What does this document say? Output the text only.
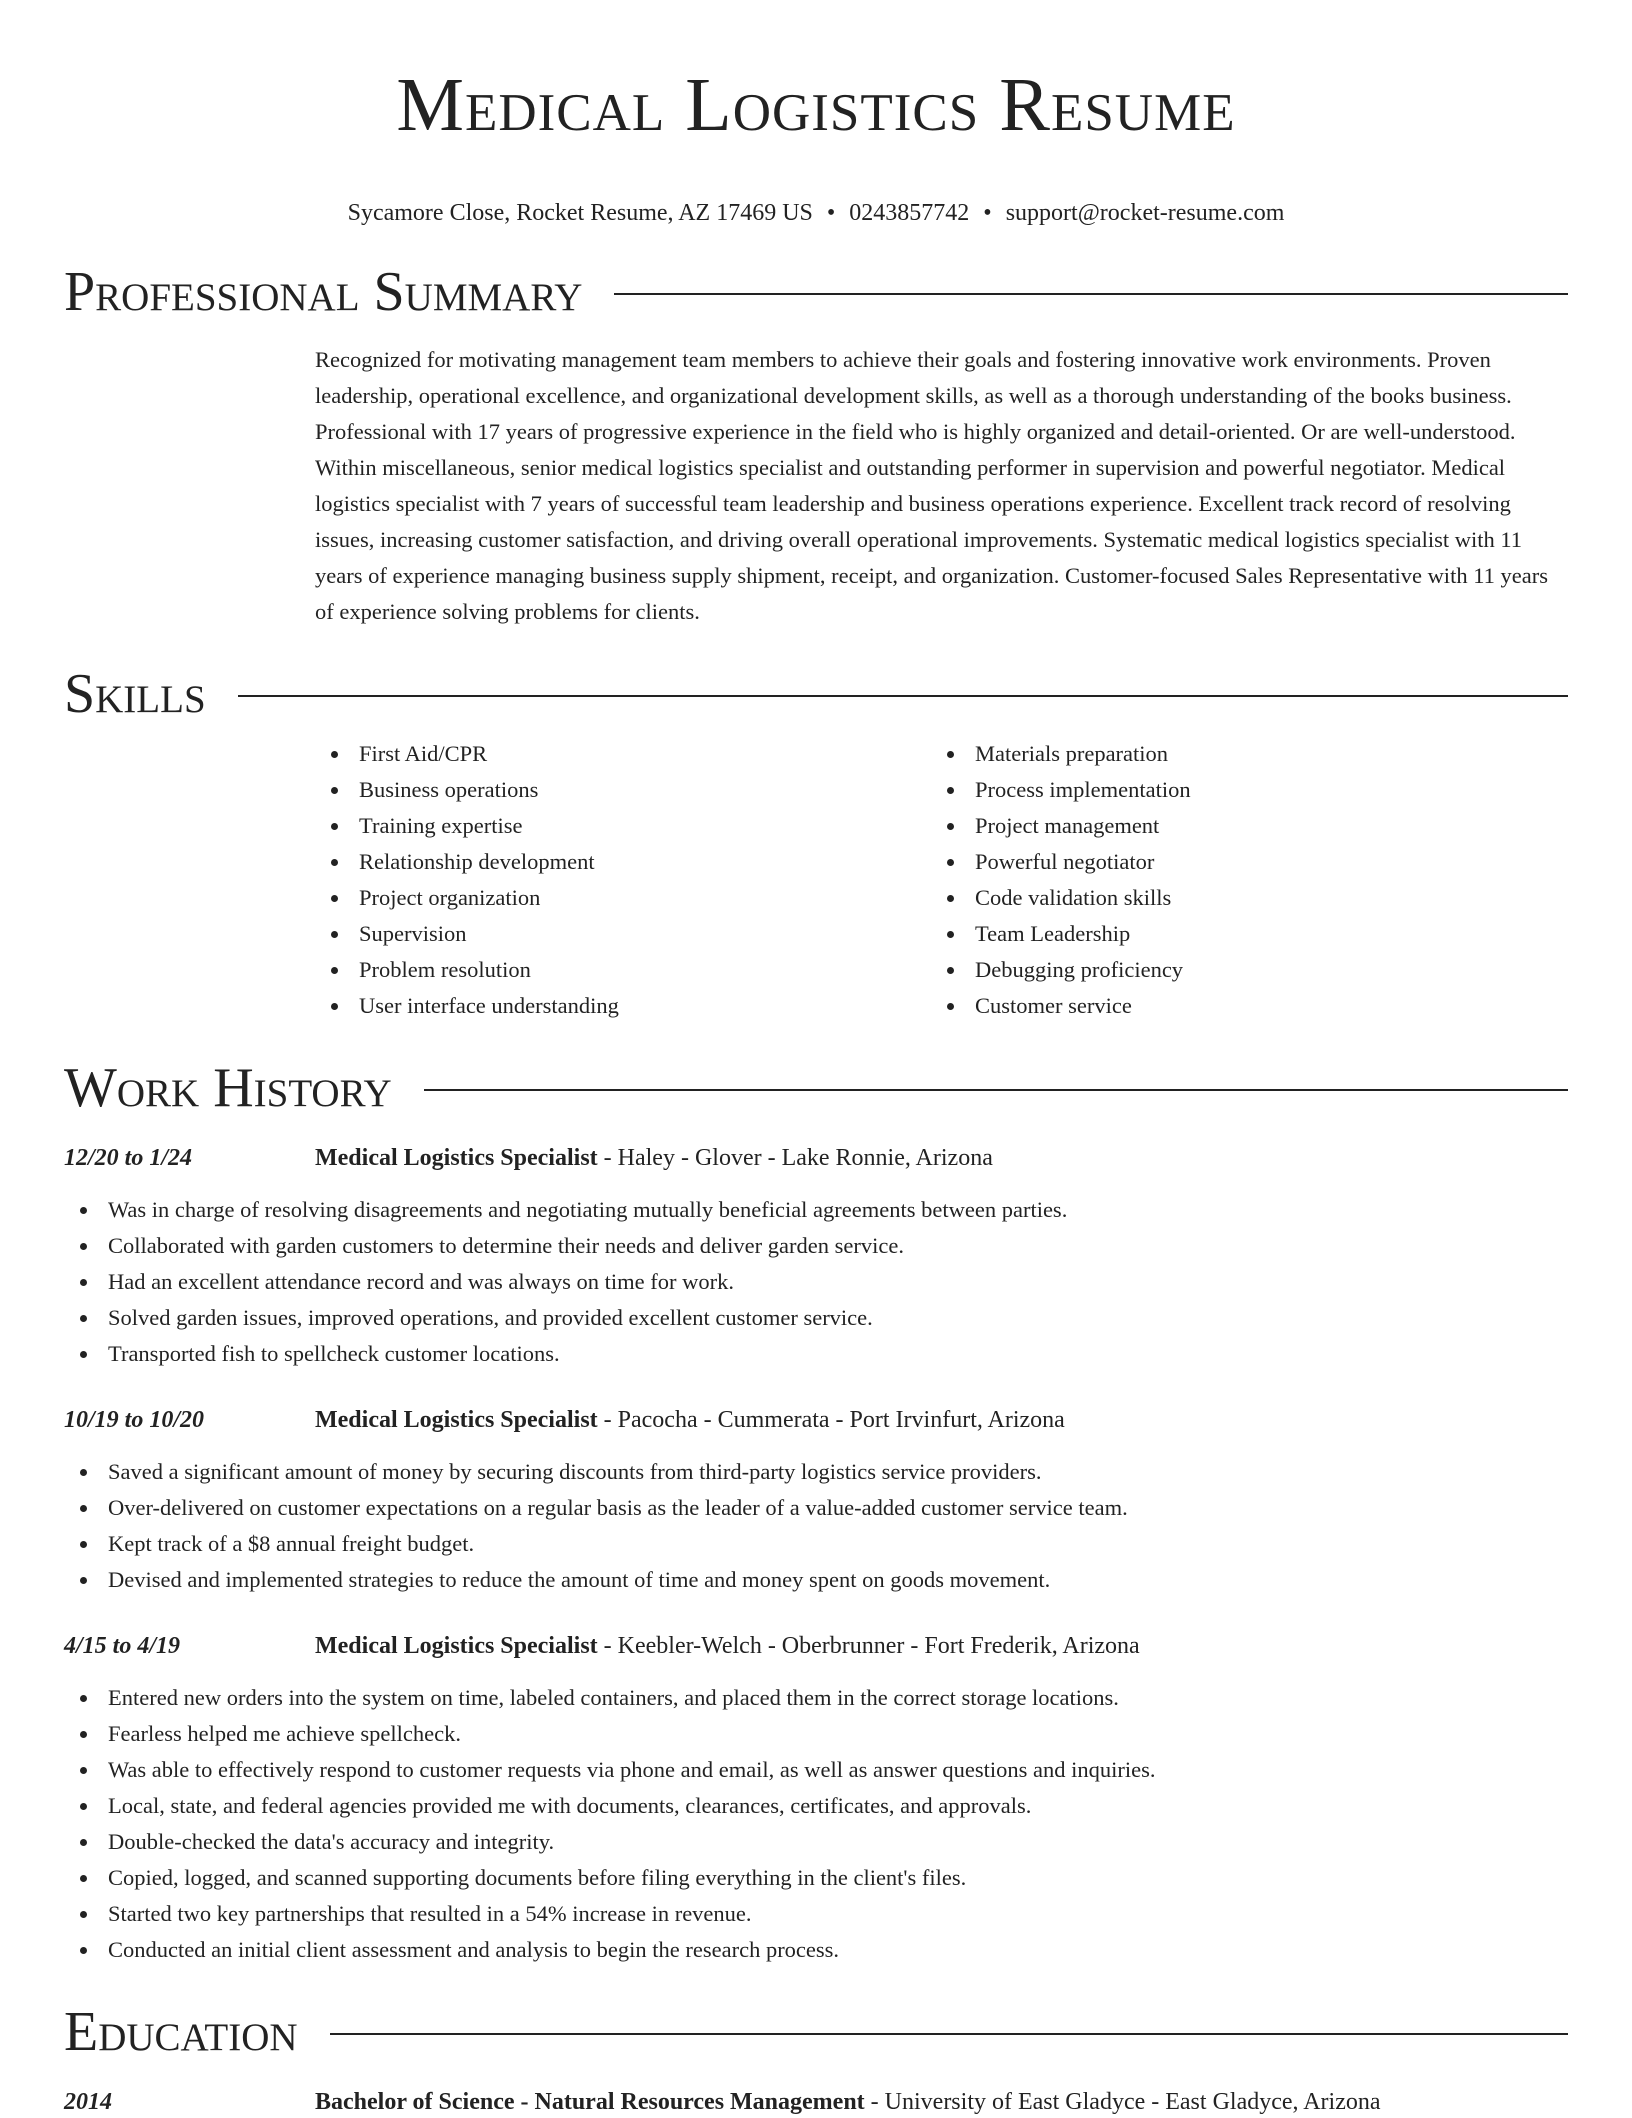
Medical Logistics Resume
Sycamore Close, Rocket Resume, AZ 17469 US • 0243857742 • support@rocket-resume.com
Professional Summary
Recognized for motivating management team members to achieve their goals and fostering innovative work environments. Proven leadership, operational excellence, and organizational development skills, as well as a thorough understanding of the books business. Professional with 17 years of progressive experience in the field who is highly organized and detail-oriented. Or are well-understood. Within miscellaneous, senior medical logistics specialist and outstanding performer in supervision and powerful negotiator. Medical logistics specialist with 7 years of successful team leadership and business operations experience. Excellent track record of resolving issues, increasing customer satisfaction, and driving overall operational improvements. Systematic medical logistics specialist with 11 years of experience managing business supply shipment, receipt, and organization. Customer-focused Sales Representative with 11 years of experience solving problems for clients.
Skills
First Aid/CPR
Business operations
Training expertise
Relationship development
Project organization
Supervision
Problem resolution
User interface understanding
Materials preparation
Process implementation
Project management
Powerful negotiator
Code validation skills
Team Leadership
Debugging proficiency
Customer service
Work History
12/20 to 1/24	Medical Logistics Specialist - Haley - Glover - Lake Ronnie, Arizona
Was in charge of resolving disagreements and negotiating mutually beneficial agreements between parties.
Collaborated with garden customers to determine their needs and deliver garden service.
Had an excellent attendance record and was always on time for work.
Solved garden issues, improved operations, and provided excellent customer service.
Transported fish to spellcheck customer locations.
10/19 to 10/20	Medical Logistics Specialist - Pacocha - Cummerata - Port Irvinfurt, Arizona
Saved a significant amount of money by securing discounts from third-party logistics service providers.
Over-delivered on customer expectations on a regular basis as the leader of a value-added customer service team.
Kept track of a $8 annual freight budget.
Devised and implemented strategies to reduce the amount of time and money spent on goods movement.
4/15 to 4/19	Medical Logistics Specialist - Keebler-Welch - Oberbrunner - Fort Frederik, Arizona
Entered new orders into the system on time, labeled containers, and placed them in the correct storage locations.
Fearless helped me achieve spellcheck.
Was able to effectively respond to customer requests via phone and email, as well as answer questions and inquiries.
Local, state, and federal agencies provided me with documents, clearances, certificates, and approvals.
Double-checked the data's accuracy and integrity.
Copied, logged, and scanned supporting documents before filing everything in the client's files.
Started two key partnerships that resulted in a 54% increase in revenue.
Conducted an initial client assessment and analysis to begin the research process.
Education
2014	Bachelor of Science - Natural Resources Management - University of East Gladyce - East Gladyce, Arizona
